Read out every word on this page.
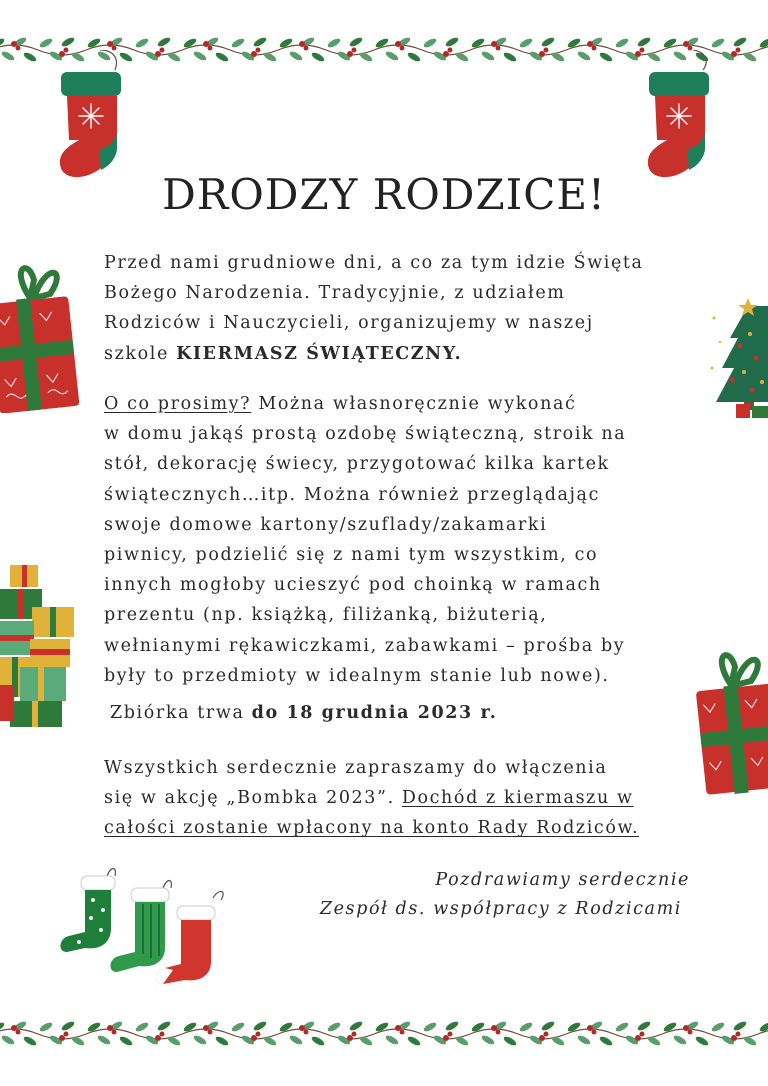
DRODZY RODZICE!

Przed nami grudniowe dni, a co za tym idzie Święta

Bożego Narodzenia. Tradycyjnie, z udziałem

Rodziców i Nauczycieli, organizujemy w naszej

szkole KIERMASZ ŚWIĄTECZNY.

O co prosimy? Można własnoręcznie wykonać

w domu jakąś prostą ozdobę świąteczną, stroik na

stół, dekorację świecy, przygotować kilka kartek

świątecznych…itp. Można również przeglądając

swoje domowe kartony/szuflady/zakamarki

piwnicy, podzielić się z nami tym wszystkim, co

innych mogłoby ucieszyć pod choinką w ramach

prezentu (np. książką, filiżanką, biżuterią,

wełnianymi rękawiczkami, zabawkami – prośba by

były to przedmioty w idealnym stanie lub nowe).

Zbiórka trwa do 18 grudnia 2023 r.

Wszystkich serdecznie zapraszamy do włączenia

się w akcję „Bombka 2023”. Dochód z kiermaszu w

całości zostanie wpłacony na konto Rady Rodziców.

Pozdrawiamy serdecznie
Zespół ds. współpracy z Rodzicami
